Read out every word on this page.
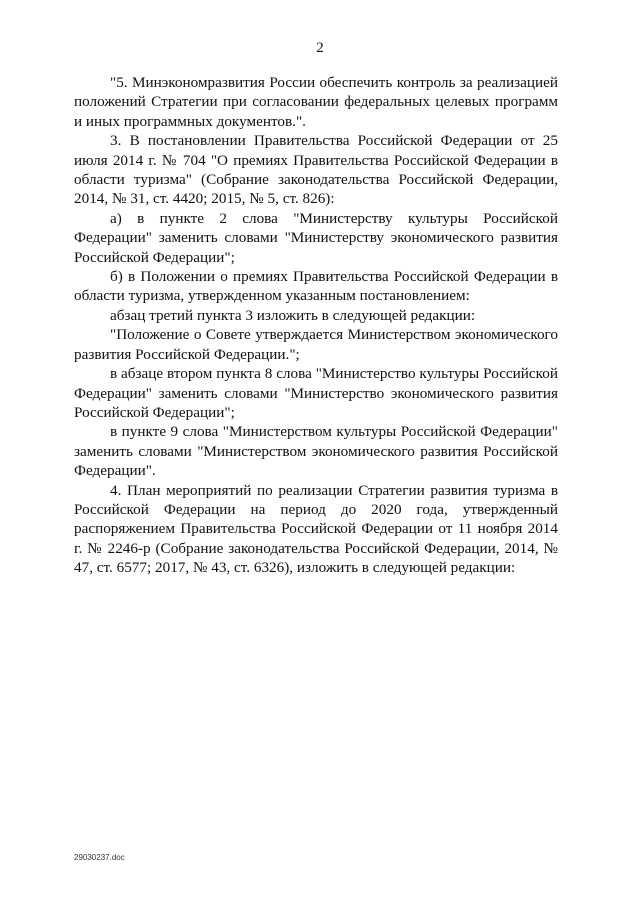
2

"5. Минэкономразвития России обеспечить контроль за реализацией положений Стратегии при согласовании федеральных целевых программ и иных программных документов.".

3. В постановлении Правительства Российской Федерации от 25 июля 2014 г. № 704 "О премиях Правительства Российской Федерации в области туризма" (Собрание законодательства Российской Федерации, 2014, № 31, ст. 4420; 2015, № 5, ст. 826):

а) в пункте 2 слова "Министерству культуры Российской Федерации" заменить словами "Министерству экономического развития Российской Федерации";

б) в Положении о премиях Правительства Российской Федерации в области туризма, утвержденном указанным постановлением:

абзац третий пункта 3 изложить в следующей редакции:

"Положение о Совете утверждается Министерством экономического развития Российской Федерации.";

в абзаце втором пункта 8 слова "Министерство культуры Российской Федерации" заменить словами "Министерство экономического развития Российской Федерации";

в пункте 9 слова "Министерством культуры Российской Федерации" заменить словами "Министерством экономического развития Российской Федерации".

4. План мероприятий по реализации Стратегии развития туризма в Российской Федерации на период до 2020 года, утвержденный распоряжением Правительства Российской Федерации от 11 ноября 2014 г. № 2246-р (Собрание законодательства Российской Федерации, 2014, № 47, ст. 6577; 2017, № 43, ст. 6326), изложить в следующей редакции:

29030237.doc
